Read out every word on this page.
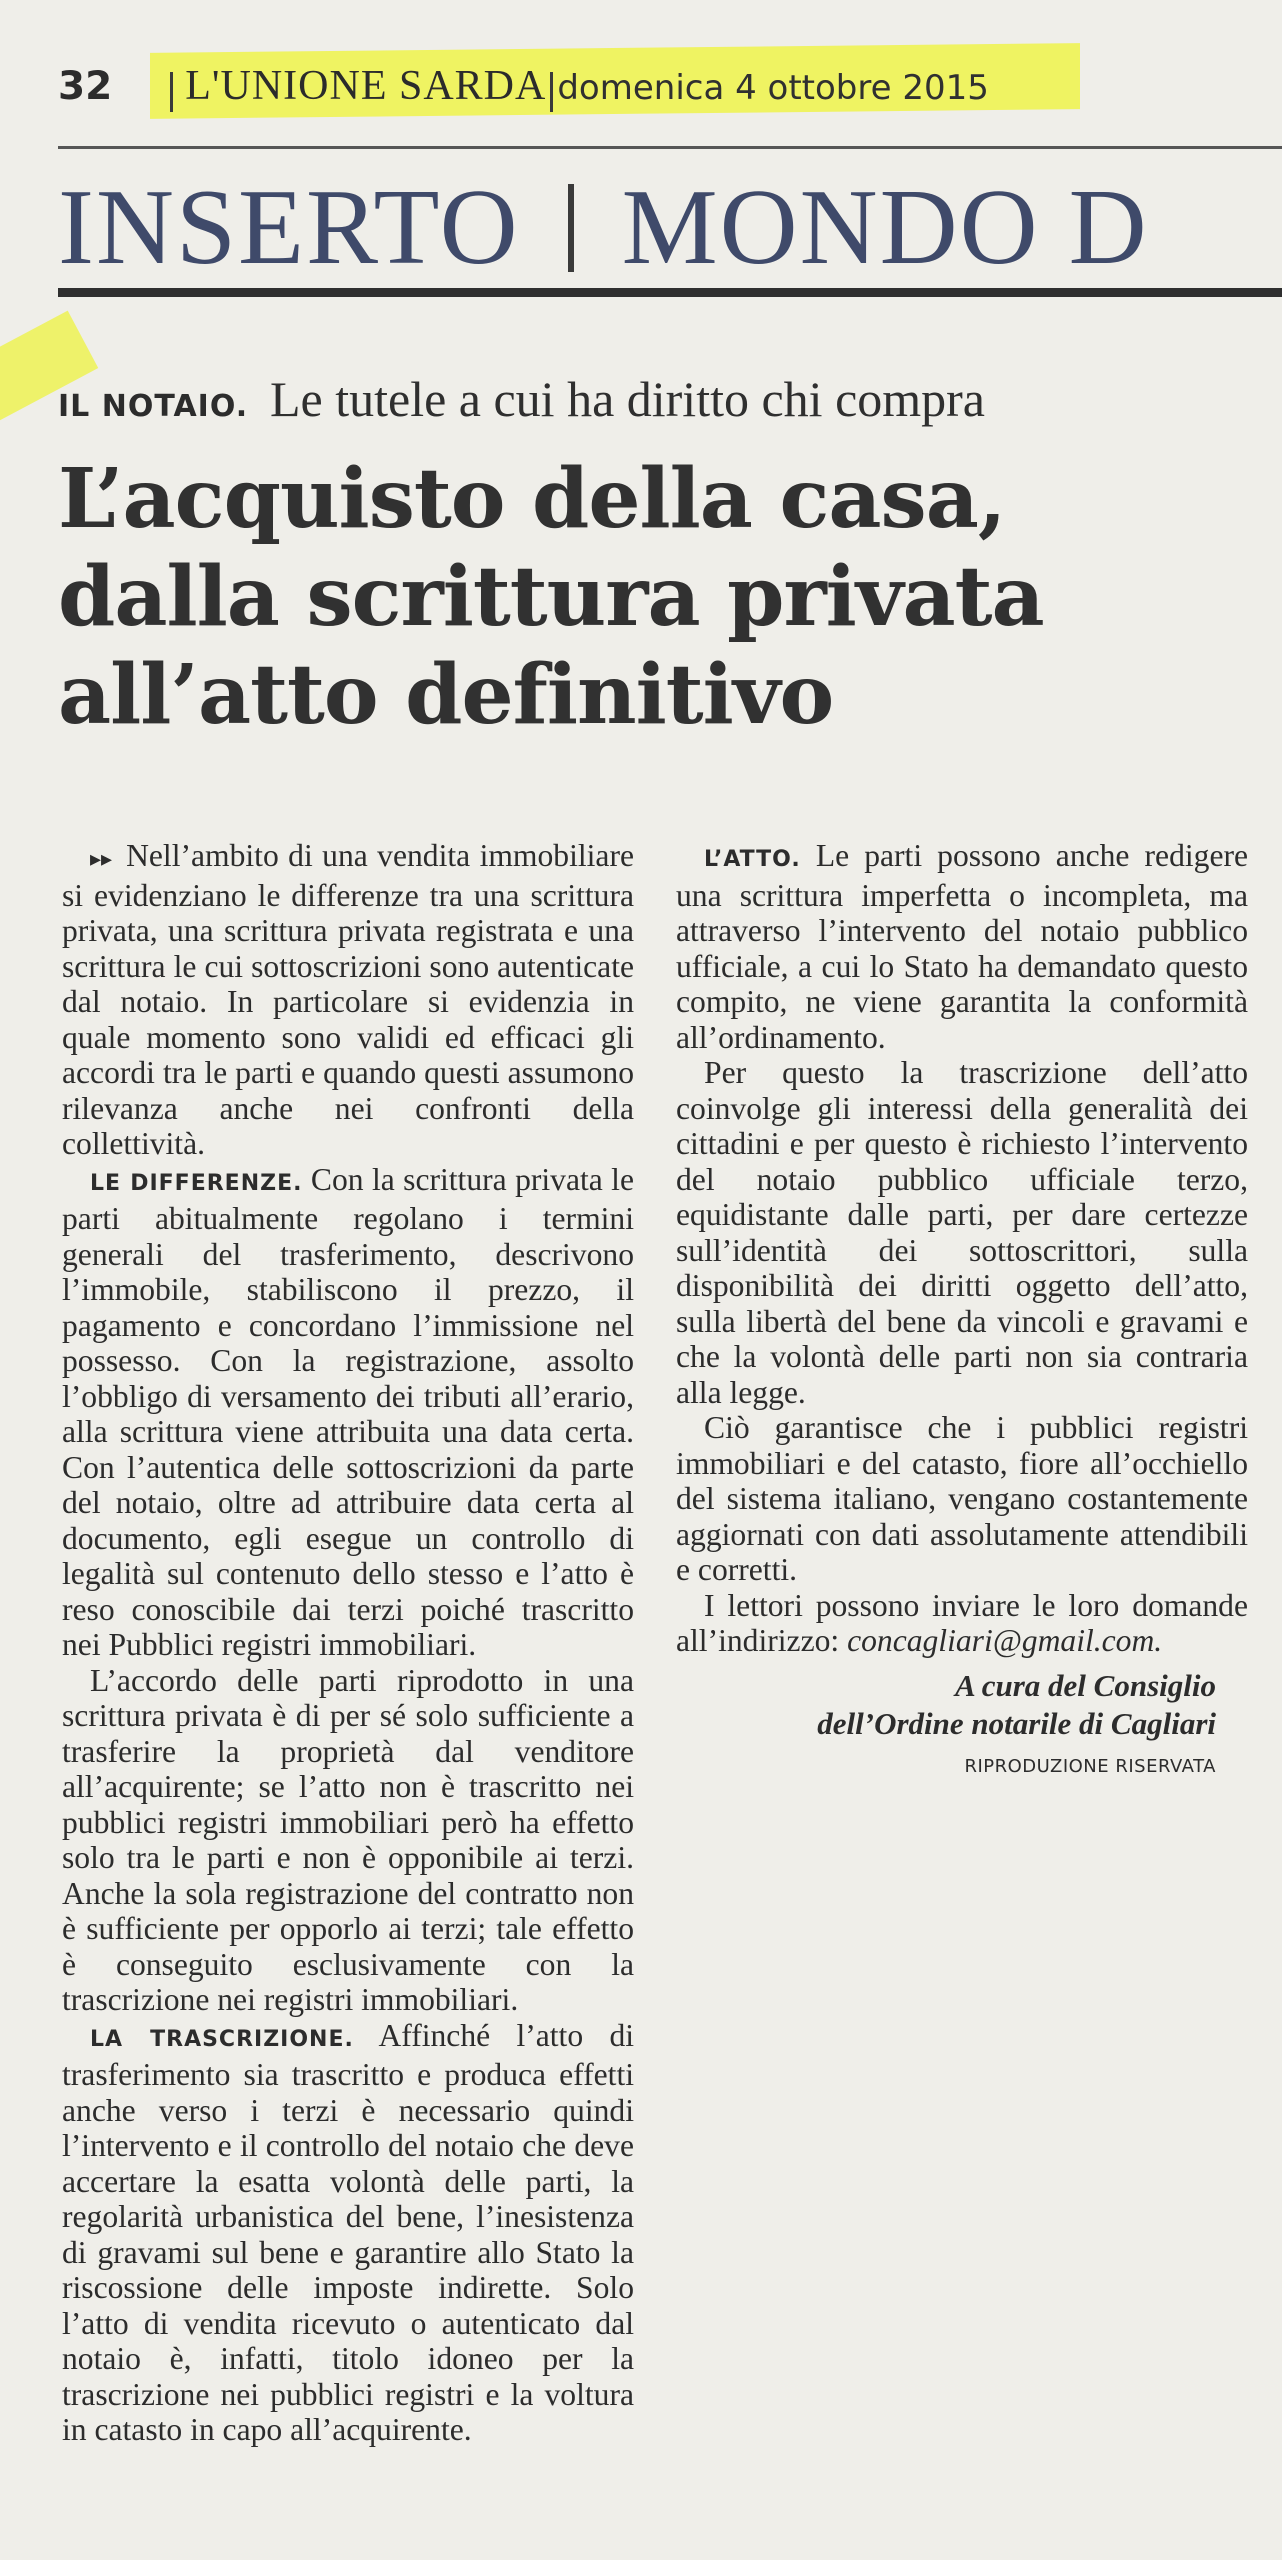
32 L'UNIONE SARDA domenica 4 ottobre 2015
INSERTO MONDO D
IL NOTAIO. Le tutele a cui ha diritto chi compra
L’acquisto della casa,
dalla scrittura privata
all’atto definitivo

▸▸ Nell’ambito di una vendita immobiliare si evidenziano le differenze tra una scrittura privata, una scrittura privata registrata e una scrittura le cui sottoscrizioni sono autenticate dal notaio. In particolare si evidenzia in quale momento sono validi ed efficaci gli accordi tra le parti e quando questi assumono rilevanza anche nei confronti della collettività.

LE DIFFERENZE. Con la scrittura privata le parti abitualmente regolano i termini generali del trasferimento, descrivono l’immobile, stabiliscono il prezzo, il pagamento e concordano l’immissione nel possesso. Con la registrazione, assolto l’obbligo di versamento dei tributi all’erario, alla scrittura viene attribuita una data certa. Con l’autentica delle sottoscrizioni da parte del notaio, oltre ad attribuire data certa al documento, egli esegue un controllo di legalità sul contenuto dello stesso e l’atto è reso conoscibile dai terzi poiché trascritto nei Pubblici registri immobiliari.

L’accordo delle parti riprodotto in una scrittura privata è di per sé solo sufficiente a trasferire la proprietà dal venditore all’acquirente; se l’atto non è trascritto nei pubblici registri immobiliari però ha effetto solo tra le parti e non è opponibile ai terzi. Anche la sola registrazione del contratto non è sufficiente per opporlo ai terzi; tale effetto è conseguito esclusivamente con la trascrizione nei registri immobiliari.

LA TRASCRIZIONE. Affinché l’atto di trasferimento sia trascritto e produca effetti anche verso i terzi è necessario quindi l’intervento e il controllo del notaio che deve accertare la esatta volontà delle parti, la regolarità urbanistica del bene, l’inesistenza di gravami sul bene e garantire allo Stato la riscossione delle imposte indirette. Solo l’atto di vendita ricevuto o autenticato dal notaio è, infatti, titolo idoneo per la trascrizione nei pubblici registri e la voltura in catasto in capo all’acquirente.

L’ATTO. Le parti possono anche redigere una scrittura imperfetta o incompleta, ma attraverso l’intervento del notaio pubblico ufficiale, a cui lo Stato ha demandato questo compito, ne viene garantita la conformità all’ordinamento.

Per questo la trascrizione dell’atto coinvolge gli interessi della generalità dei cittadini e per questo è richiesto l’intervento del notaio pubblico ufficiale terzo, equidistante dalle parti, per dare certezze sull’identità dei sottoscrittori, sulla disponibilità dei diritti oggetto dell’atto, sulla libertà del bene da vincoli e gravami e che la volontà delle parti non sia contraria alla legge.

Ciò garantisce che i pubblici registri immobiliari e del catasto, fiore all’occhiello del sistema italiano, vengano costantemente aggiornati con dati assolutamente attendibili e corretti.

I lettori possono inviare le loro domande all’indirizzo: concagliari@gmail.com.

A cura del Consiglio
dell’Ordine notarile di Cagliari
RIPRODUZIONE RISERVATA
